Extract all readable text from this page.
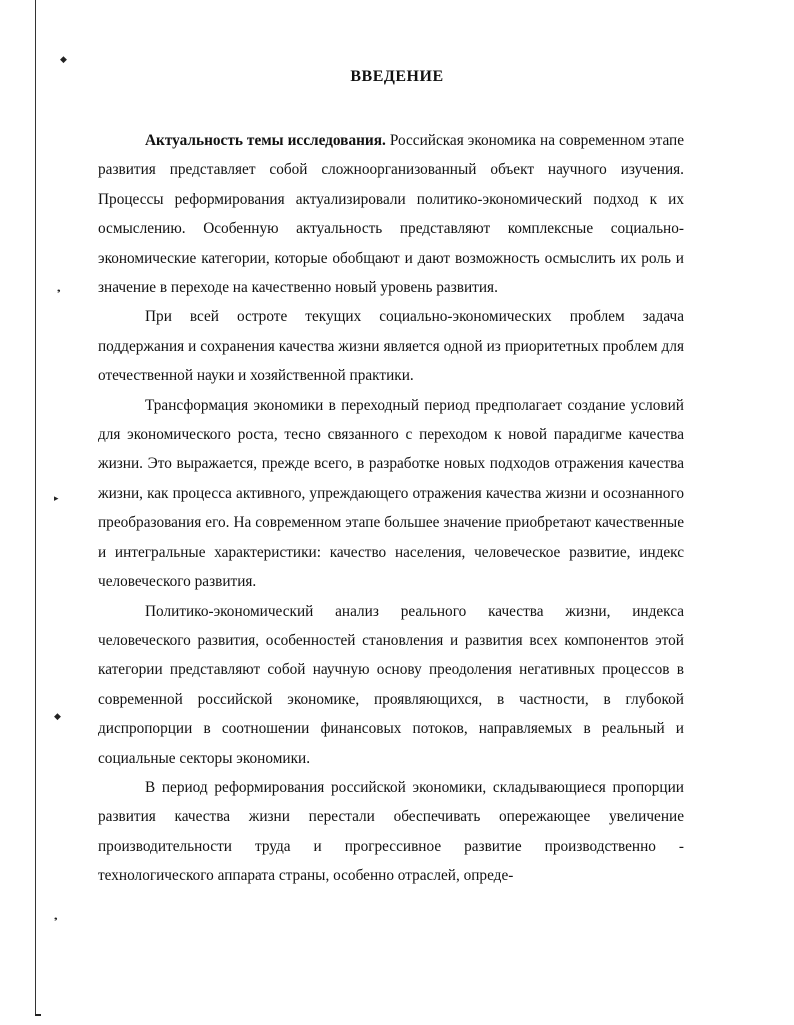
◆
❟
▸
◆
❟
ВВЕДЕНИЕ

Актуальность темы исследования. Российская экономика на современном этапе развития представляет собой сложноорганизованный объект научного изучения. Процессы реформирования актуализировали политико-экономический подход к их осмыслению. Особенную актуальность представляют комплексные социально-экономические категории, которые обобщают и дают возможность осмыслить их роль и значение в переходе на качественно новый уровень развития.

При всей остроте текущих социально-экономических проблем задача поддержания и сохранения качества жизни является одной из приоритетных проблем для отечественной науки и хозяйственной практики.

Трансформация экономики в переходный период предполагает создание условий для экономического роста, тесно связанного с переходом к новой парадигме качества жизни. Это выражается, прежде всего, в разработке новых подходов отражения качества жизни, как процесса активного, упреждающего отражения качества жизни и осознанного преобразования его. На современном этапе большее значение приобретают качественные и интегральные характеристики: качество населения, человеческое развитие, индекс человеческого развития.

Политико-экономический анализ реального качества жизни, индекса человеческого развития, особенностей становления и развития всех компонентов этой категории представляют собой научную основу преодоления негативных процессов в современной российской экономике, проявляющихся, в частности, в глубокой диспропорции в соотношении финансовых потоков, направляемых в реальный и социальные секторы экономики.

В период реформирования российской экономики, складывающиеся пропорции развития качества жизни перестали обеспечивать опережающее увеличение производительности труда и прогрессивное развитие производственно - технологического аппарата страны, особенно отраслей, опреде-
